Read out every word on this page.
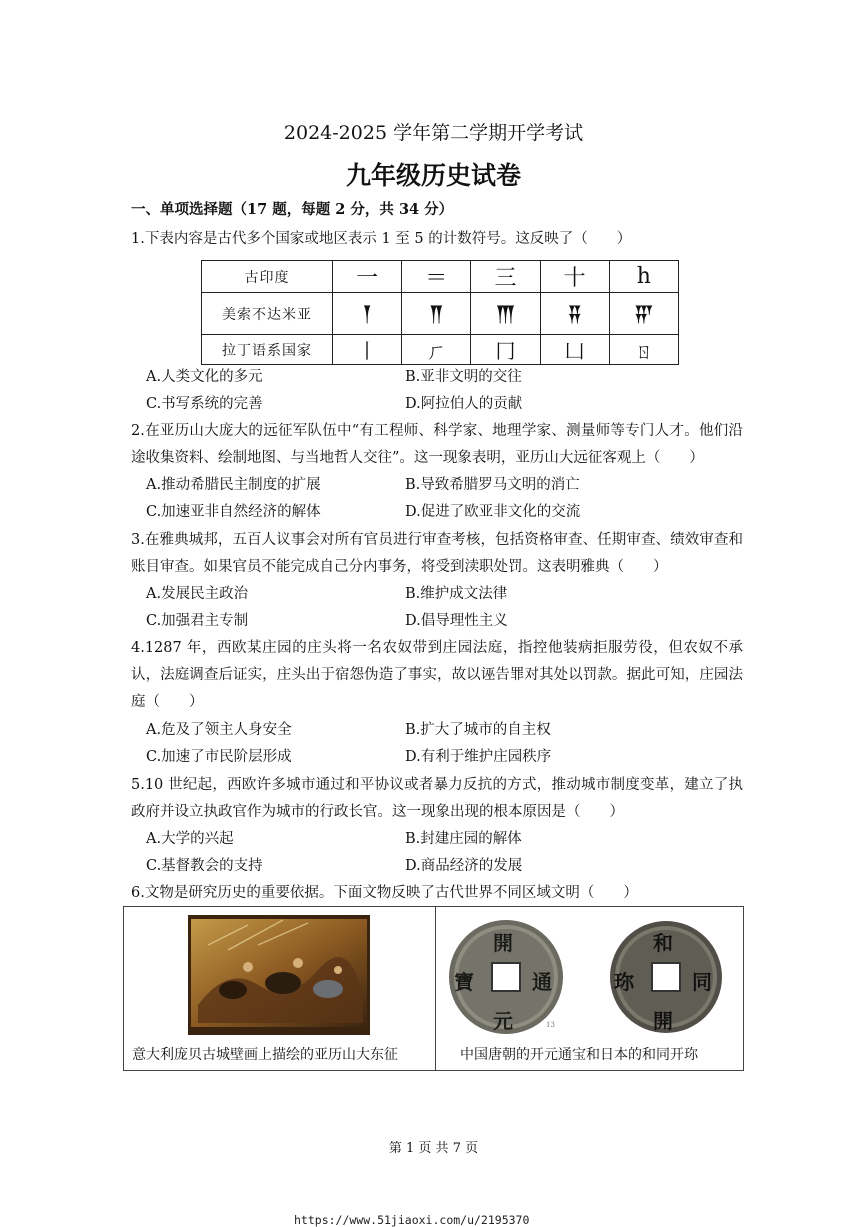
2024-2025 学年第二学期开学考试
九年级历史试卷
一、单项选择题（17 题，每题 2 分，共 34 分）
1.下表内容是古代多个国家或地区表示 1 至 5 的计数符号。这反映了（　　）
古印度	一	＝	三	十	h
美索不达米亚	𒐕	𒐖	𒐗	𒐘	𒐙
拉丁语系国家	丨	ㄏ	冂	凵	ㄖ
A.人类文化的多元	B.亚非文明的交往
C.书写系统的完善	D.阿拉伯人的贡献
2.在亚历山大庞大的远征军队伍中“有工程师、科学家、地理学家、测量师等专门人才。他们沿途收集资料、绘制地图、与当地哲人交往”。这一现象表明，亚历山大远征客观上（　　）
A.推动希腊民主制度的扩展	B.导致希腊罗马文明的消亡
C.加速亚非自然经济的解体	D.促进了欧亚非文化的交流
3.在雅典城邦，五百人议事会对所有官员进行审查考核，包括资格审查、任期审查、绩效审查和账目审查。如果官员不能完成自己分内事务，将受到渎职处罚。这表明雅典（　　）
A.发展民主政治	B.维护成文法律
C.加强君主专制	D.倡导理性主义
4.1287 年，西欧某庄园的庄头将一名农奴带到庄园法庭，指控他装病拒服劳役，但农奴不承认，法庭调查后证实，庄头出于宿怨伪造了事实，故以诬告罪对其处以罚款。据此可知，庄园法庭（　　）
A.危及了领主人身安全	B.扩大了城市的自主权
C.加速了市民阶层形成	D.有利于维护庄园秩序
5.10 世纪起，西欧许多城市通过和平协议或者暴力反抗的方式，推动城市制度变革，建立了执政府并设立执政官作为城市的行政长官。这一现象出现的根本原因是（　　）
A.大学的兴起	B.封建庄园的解体
C.基督教会的支持	D.商品经济的发展
6.文物是研究历史的重要依据。下面文物反映了古代世界不同区域文明（　　）
開
元
通
寶
和
同
開
珎
13
意大利庞贝古城壁画上描绘的亚历山大东征	中国唐朝的开元通宝和日本的和同开珎
第 1 页 共 7 页
https://www.51jiaoxi.com/u/2195370
